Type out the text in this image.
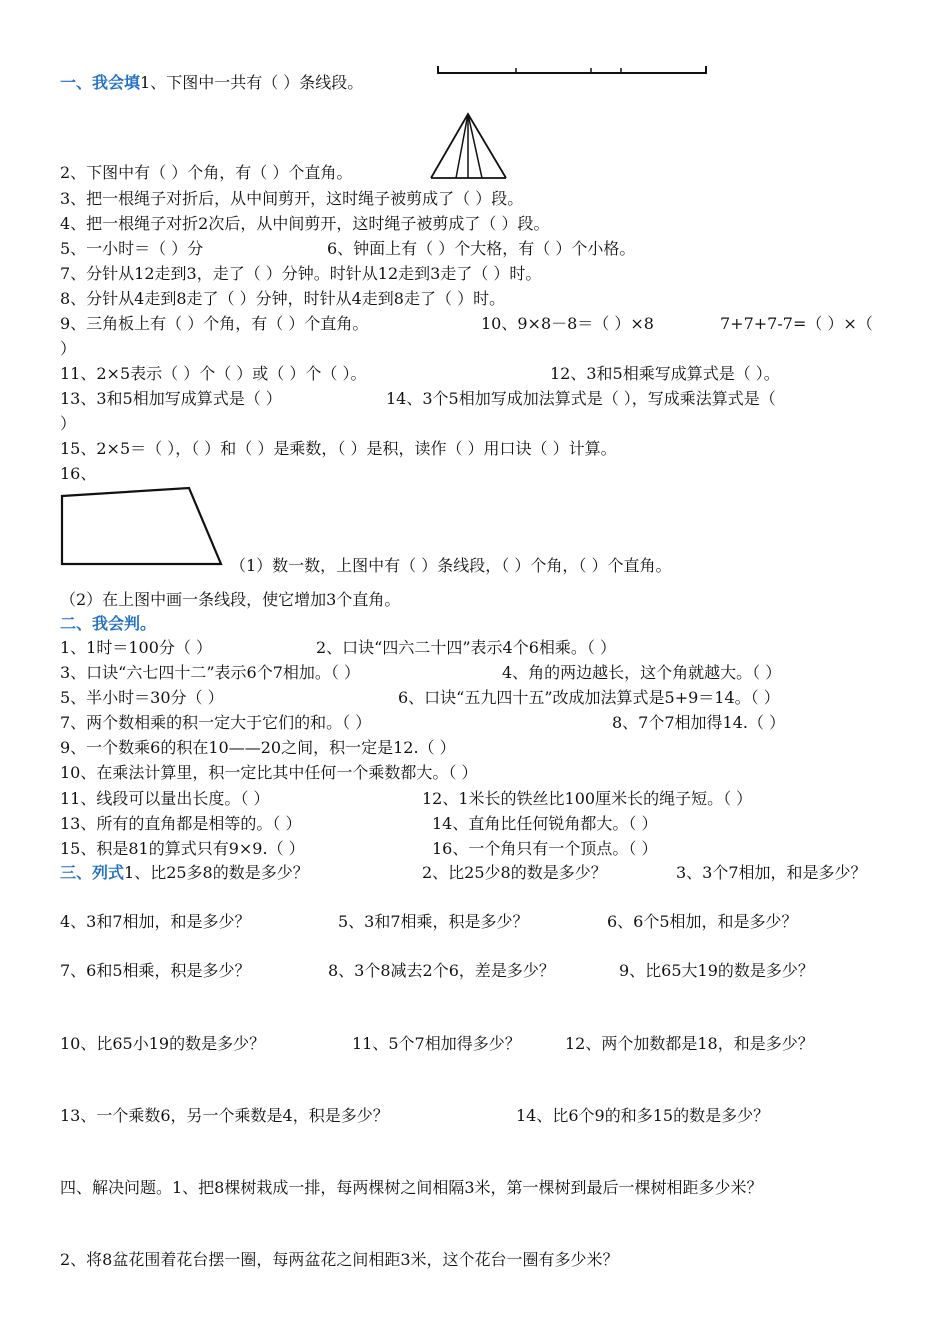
一、我会填1、下图中一共有（ ）条线段。
2、下图中有（ ）个角，有（ ）个直角。
3、把一根绳子对折后，从中间剪开，这时绳子被剪成了（ ）段。
4、把一根绳子对折2次后，从中间剪开，这时绳子被剪成了（ ）段。
5、一小时＝（ ）分	6、钟面上有（ ）个大格，有（ ）个小格。
7、分针从12走到3，走了（ ）分钟。时针从12走到3走了（ ）时。
8、分针从4走到8走了（ ）分钟，时针从4走到8走了（ ）时。
9、三角板上有（ ）个角，有（ ）个直角。	10、9×8－8＝（ ）×8	7+7+7-7=（ ）×（
）
11、2×5表示（ ）个（ ）或（ ）个（ ）。	12、3和5相乘写成算式是（ ）。
13、3和5相加写成算式是（ ）	14、3个5相加写成加法算式是（ ），写成乘法算式是（
）
15、2×5＝（ ），（ ）和（ ）是乘数，（ ）是积，读作（ ）用口诀（ ）计算。
16、
（1）数一数，上图中有（ ）条线段，（ ）个角，（ ）个直角。
（2）在上图中画一条线段，使它增加3个直角。
二、我会判。
1、1时＝100分（ ）	2、口诀“四六二十四”表示4个6相乘。（ ）
3、口诀“六七四十二”表示6个7相加。（ ）	4、角的两边越长，这个角就越大。（ ）
5、半小时＝30分（ ）	6、口诀“五九四十五”改成加法算式是5+9＝14。（ ）
7、两个数相乘的积一定大于它们的和。（ ）	8、7个7相加得14.（ ）
9、一个数乘6的积在10——20之间，积一定是12.（ ）
10、在乘法计算里，积一定比其中任何一个乘数都大。（ ）
11、线段可以量出长度。（ ）	12、1米长的铁丝比100厘米长的绳子短。（ ）
13、所有的直角都是相等的。（ ）	14、直角比任何锐角都大。（ ）
15、积是81的算式只有9×9.（ ）	16、一个角只有一个顶点。（ ）
三、列式1、比25多8的数是多少？	2、比25少8的数是多少？	3、3个7相加，和是多少？
4、3和7相加，和是多少？	5、3和7相乘，积是多少？	6、6个5相加，和是多少？
7、6和5相乘，积是多少？	8、3个8减去2个6，差是多少？	9、比65大19的数是多少？
10、比65小19的数是多少？	11、5个7相加得多少？	12、两个加数都是18，和是多少？
13、一个乘数6，另一个乘数是4，积是多少？	14、比6个9的和多15的数是多少？
四、解决问题。1、把8棵树栽成一排，每两棵树之间相隔3米，第一棵树到最后一棵树相距多少米？
2、将8盆花围着花台摆一圈，每两盆花之间相距3米，这个花台一圈有多少米？
